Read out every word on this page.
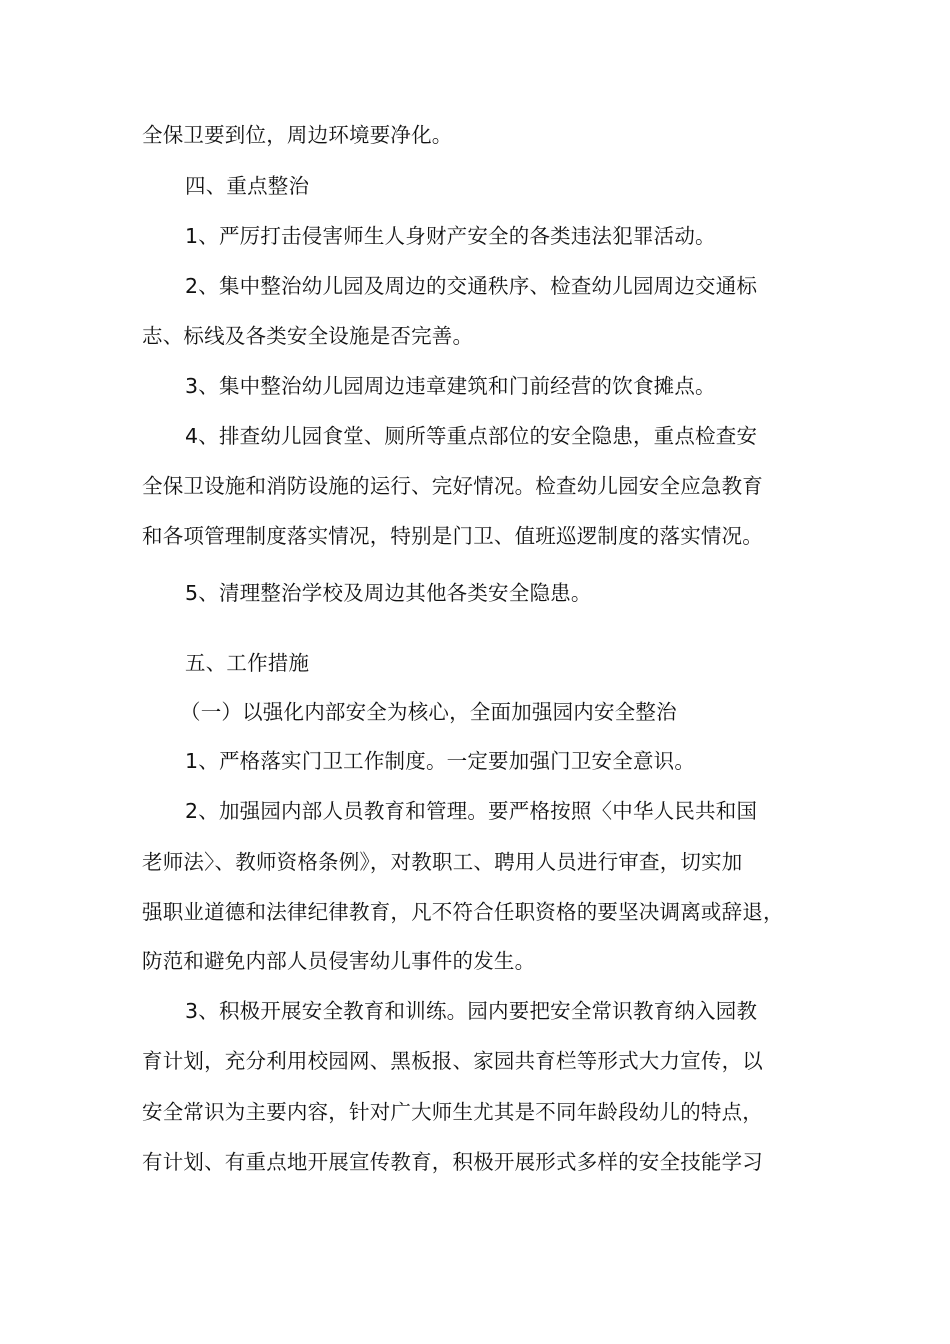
全保卫要到位，周边环境要净化。
四、重点整治
1、严厉打击侵害师生人身财产安全的各类违法犯罪活动。
2、集中整治幼儿园及周边的交通秩序、检查幼儿园周边交通标
志、标线及各类安全设施是否完善。
3、集中整治幼儿园周边违章建筑和门前经营的饮食摊点。
4、排查幼儿园食堂、厕所等重点部位的安全隐患，重点检查安
全保卫设施和消防设施的运行、完好情况。检查幼儿园安全应急教育
和各项管理制度落实情况，特别是门卫、值班巡逻制度的落实情况。
5、清理整治学校及周边其他各类安全隐患。
五、工作措施
（一）以强化内部安全为核心，全面加强园内安全整治
1、严格落实门卫工作制度。一定要加强门卫安全意识。
2、加强园内部人员教育和管理。要严格按照〈中华人民共和国
老师法〉、教师资格条例》，对教职工、聘用人员进行审查，切实加
强职业道德和法律纪律教育，凡不符合任职资格的要坚决调离或辞退，
防范和避免内部人员侵害幼儿事件的发生。
3、积极开展安全教育和训练。园内要把安全常识教育纳入园教
育计划，充分利用校园网、黑板报、家园共育栏等形式大力宣传，以
安全常识为主要内容，针对广大师生尤其是不同年龄段幼儿的特点，
有计划、有重点地开展宣传教育，积极开展形式多样的安全技能学习
